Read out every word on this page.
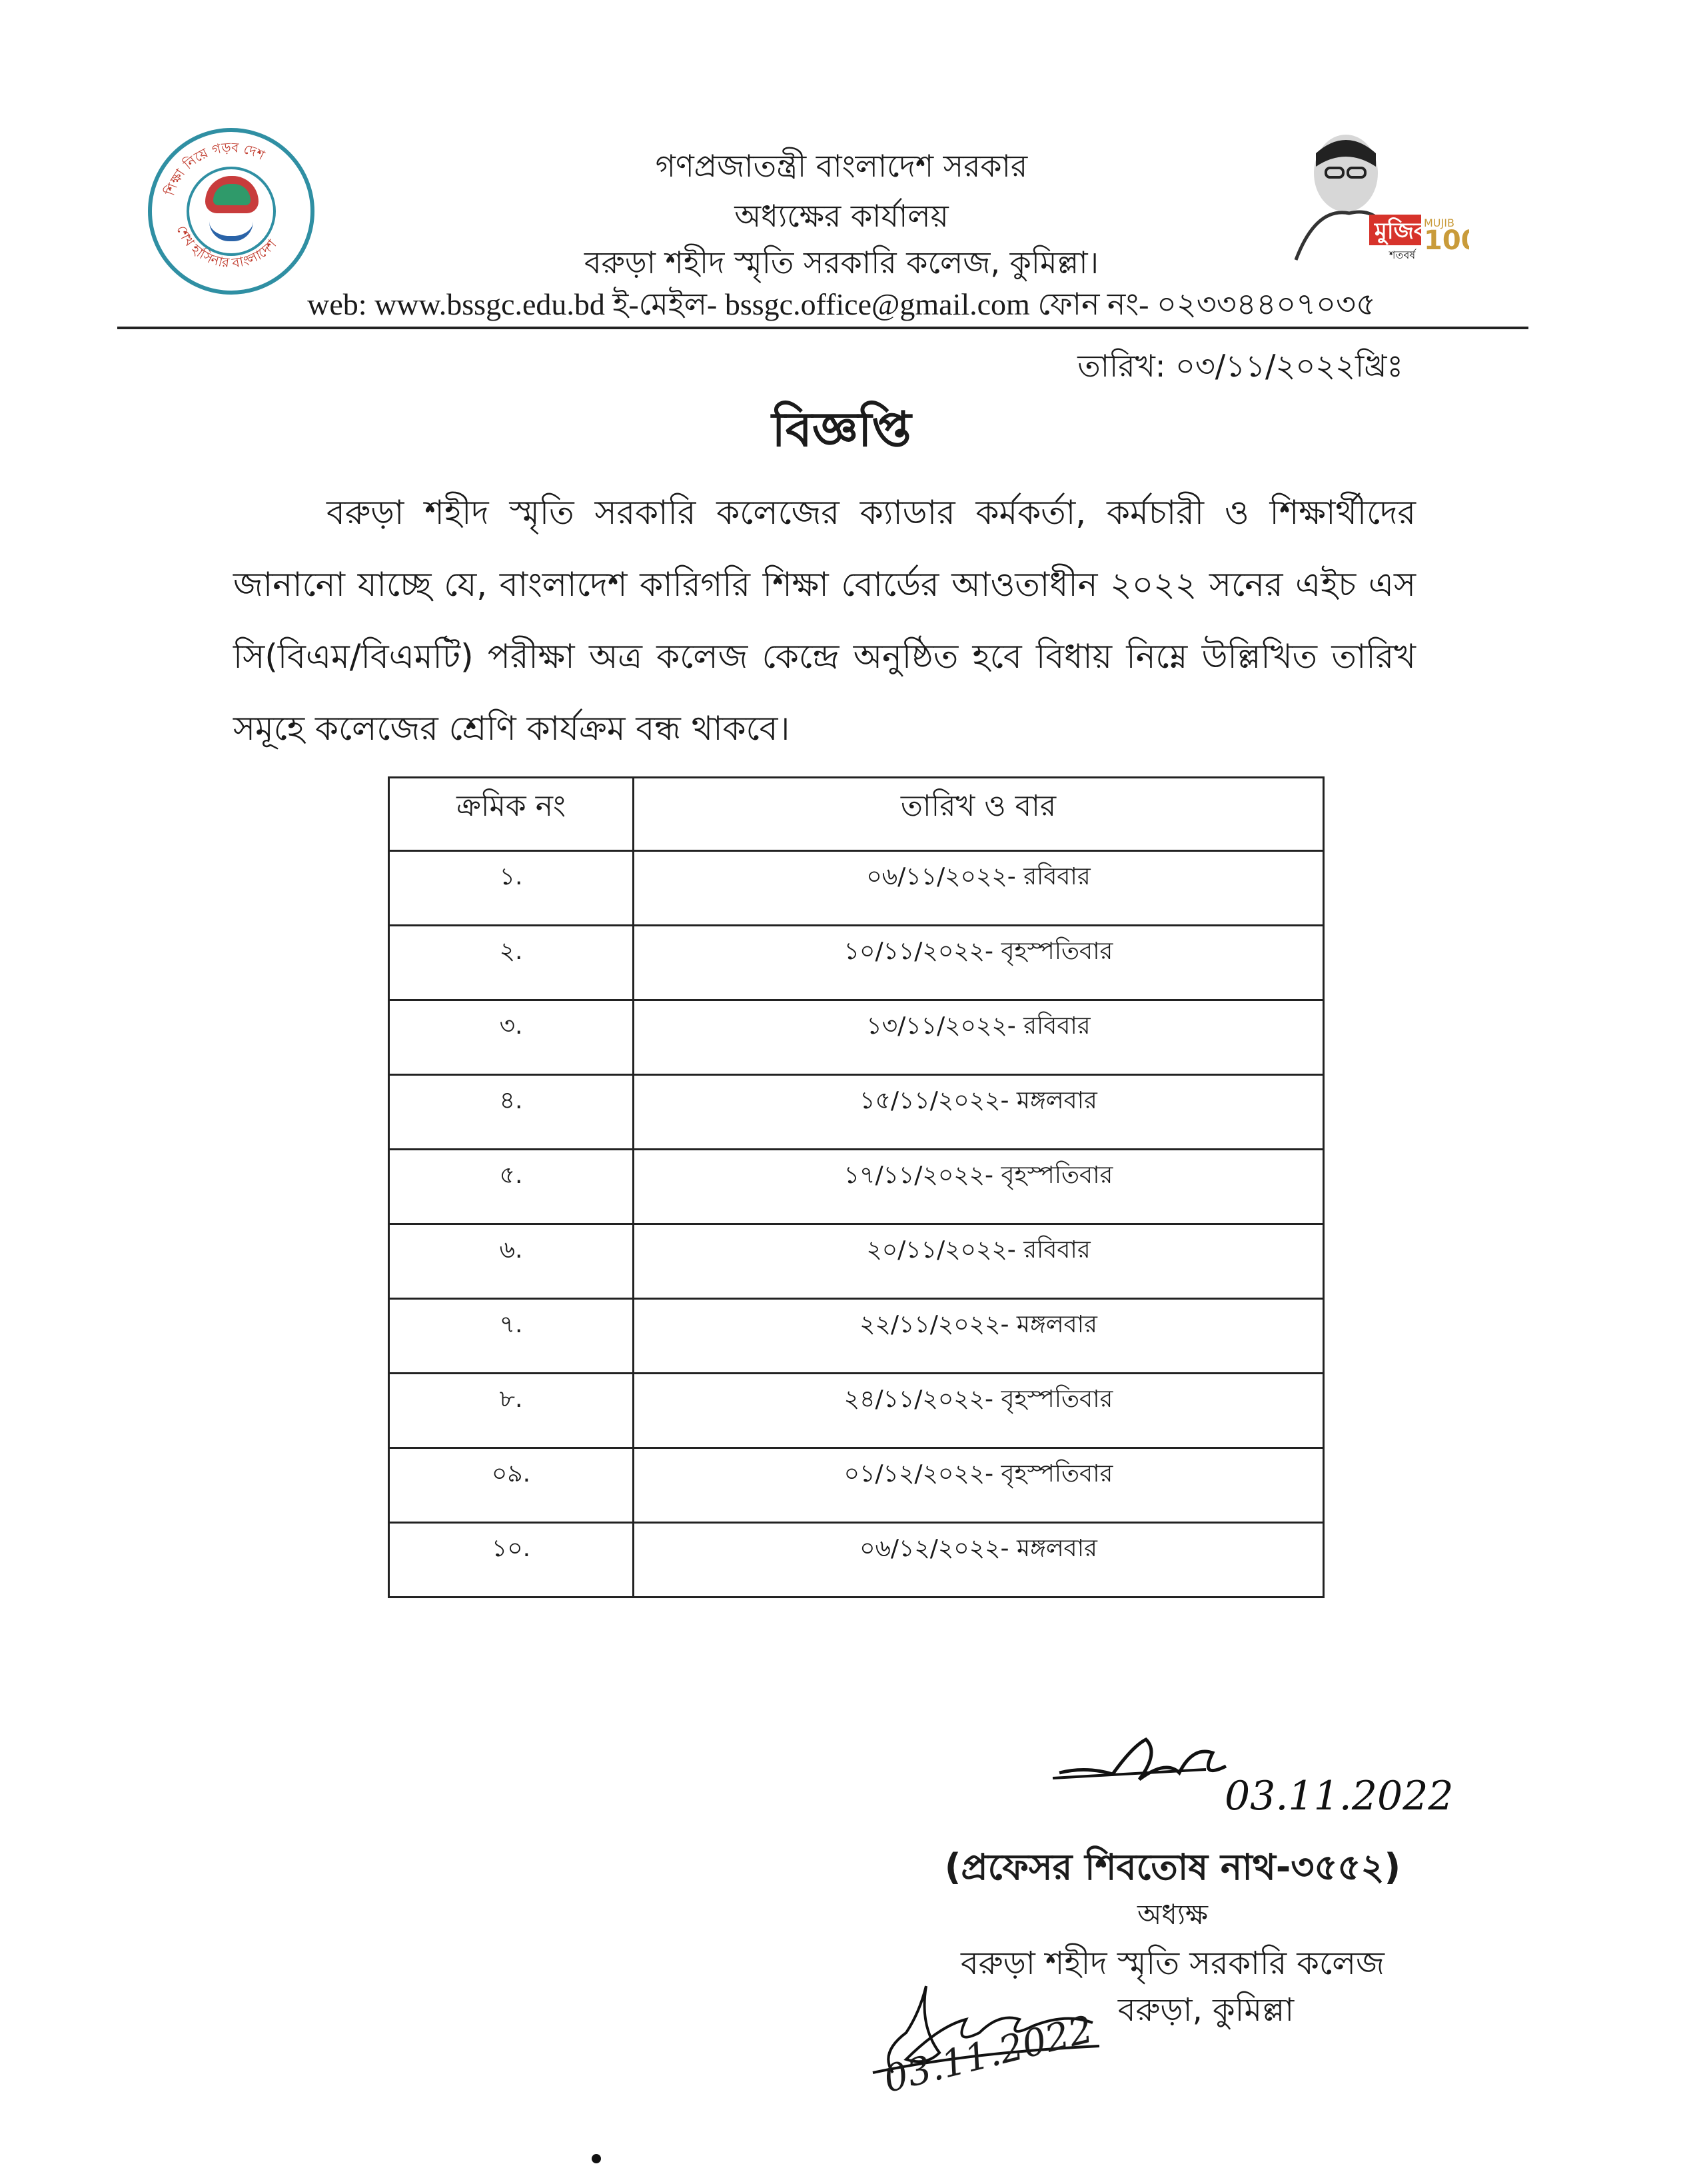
শিক্ষা নিয়ে গড়ব দেশ
শেখ হাসিনার বাংলাদেশ	মুজিব
MUJIB
10
শতবর্ষ
গণপ্রজাতন্ত্রী বাংলাদেশ সরকার
অধ্যক্ষের কার্যালয়
বরুড়া শহীদ স্মৃতি সরকারি কলেজ, কুমিল্লা।
web: www.bssgc.edu.bd ই-মেইল- bssgc.office@gmail.com ফোন নং- ০২৩৩৪৪০৭০৩৫
তারিখ: ০৩/১১/২০২২খ্রিঃ
বিজ্ঞপ্তি
বরুড়া শহীদ স্মৃতি সরকারি কলেজের ক্যাডার কর্মকর্তা, কর্মচারী ও শিক্ষার্থীদের জানানো যাচ্ছে যে, বাংলাদেশ কারিগরি শিক্ষা বোর্ডের আওতাধীন ২০২২ সনের এইচ এস সি(বিএম/বিএমটি) পরীক্ষা অত্র কলেজ কেন্দ্রে অনুষ্ঠিত হবে বিধায় নিম্নে উল্লিখিত তারিখ সমূহে কলেজের শ্রেণি কার্যক্রম বন্ধ থাকবে।
ক্রমিক নং	তারিখ ও বার
১.	০৬/১১/২০২২- রবিবার
২.	১০/১১/২০২২- বৃহস্পতিবার
৩.	১৩/১১/২০২২- রবিবার
৪.	১৫/১১/২০২২- মঙ্গলবার
৫.	১৭/১১/২০২২- বৃহস্পতিবার
৬.	২০/১১/২০২২- রবিবার
৭.	২২/১১/২০২২- মঙ্গলবার
৮.	২৪/১১/২০২২- বৃহস্পতিবার
০৯.	০১/১২/২০২২- বৃহস্পতিবার
১০.	০৬/১২/২০২২- মঙ্গলবার
03.11.2022
(প্রফেসর শিবতোষ নাথ-৩৫৫২)
অধ্যক্ষ
বরুড়া শহীদ স্মৃতি সরকারি কলেজ
বরুড়া, কুমিল্লা
03.11.2022
